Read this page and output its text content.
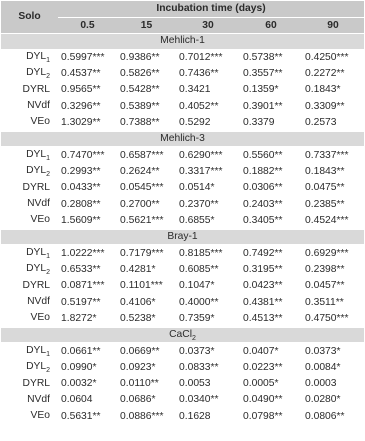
Solo	Incubation time (days)				
	0.5	15	30	60	90
Mehlich-1					
$DYL_1$	0.5997***	0.9386**	0.7012***	0.5738**	0.4250***
$DYL_2$	0.4537**	0.5826**	0.7436**	0.3557**	0.2272**
DYRL	0.9565**	0.5428**	0.3421	0.1359*	0.1843*
NVdf	0.3296**	0.5389**	0.4052**	0.3901**	0.3309**
VEo	1.3029**	0.7388**	0.5292	0.3379	0.2573
Mehlich-3					
$DYL_1$	0.7470***	0.6587***	0.6290***	0.5560**	0.7337***
$DYL_2$	0.2993**	0.2624**	0.3317***	0.1882**	0.1843**
DYRL	0.0433**	0.0545***	0.0514*	0.0306**	0.0475**
NVdf	0.2808**	0.2700**	0.2370**	0.2403**	0.2385**
VEo	1.5609**	0.5621***	0.6855*	0.3405**	0.4524***
Bray-1					
$DYL_1$	1.0222***	0.7179***	0.8185***	0.7492**	0.6929***
$DYL_2$	0.6533**	0.4281*	0.6085**	0.3195**	0.2398**
DYRL	0.0871***	0.1101***	0.1047*	0.0423**	0.0457**
NVdf	0.5197**	0.4106*	0.4000**	0.4381**	0.3511**
VEo	1.8272*	0.5238*	0.7359*	0.4513**	0.4750***
CaCl$_2$
$DYL_1$	0.0661**	0.0669**	0.0373*	0.0407*	0.0373*
$DYL_2$	0.0990*	0.0923*	0.0833**	0.0223**	0.0084*
DYRL	0.0032*	0.0110**	0.0053	0.0005*	0.0003
NVdf	0.0604	0.0686*	0.0340**	0.0490**	0.0280*
VEo	0.5631**	0.0886***	0.1628	0.0798**	0.0806**
